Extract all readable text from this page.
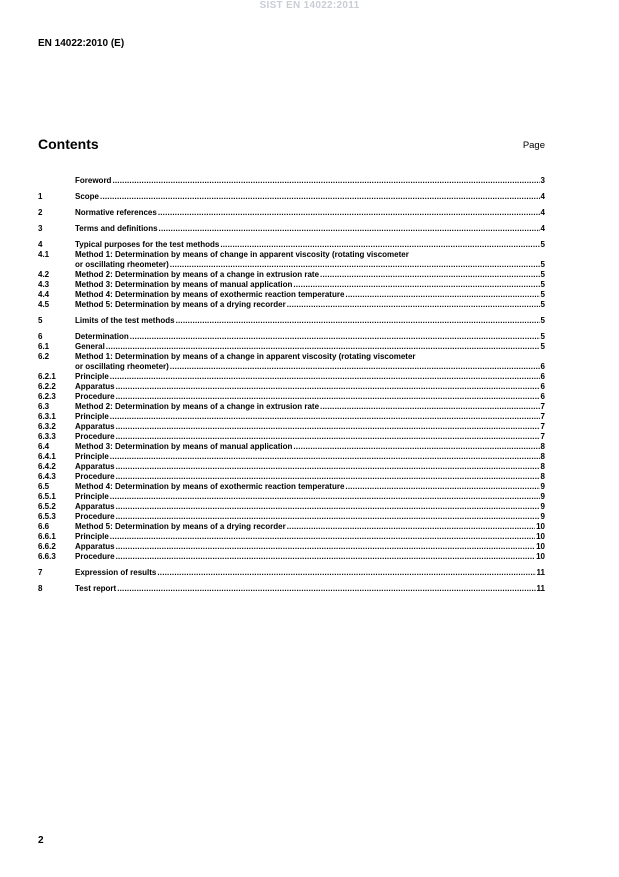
SIST EN 14022:2011
EN 14022:2010 (E)
Contents	Page
Foreword .....	3
1	Scope .....	4
2	Normative references .....	4
3	Terms and definitions .....	4
4	Typical purposes for the test methods .....	5
4.1	Method 1: Determination by means of change in apparent viscosity (rotating viscometer
or oscillating rheometer) .....	5
4.2	Method 2: Determination by means of a change in extrusion rate .....	5
4.3	Method 3: Determination by means of manual application .....	5
4.4	Method 4: Determination by means of exothermic reaction temperature .....	5
4.5	Method 5: Determination by means of a drying recorder .....	5
5	Limits of the test methods .....	5
6	Determination .....	5
6.1	General .....	5
6.2	Method 1: Determination by means of a change in apparent viscosity (rotating viscometer
or oscillating rheometer) .....	6
6.2.1	Principle .....	6
6.2.2	Apparatus .....	6
6.2.3	Procedure .....	6
6.3	Method 2: Determination by means of a change in extrusion rate .....	7
6.3.1	Principle .....	7
6.3.2	Apparatus .....	7
6.3.3	Procedure .....	7
6.4	Method 3: Determination by means of manual application .....	8
6.4.1	Principle .....	8
6.4.2	Apparatus .....	8
6.4.3	Procedure .....	8
6.5	Method 4: Determination by means of exothermic reaction temperature .....	9
6.5.1	Principle .....	9
6.5.2	Apparatus .....	9
6.5.3	Procedure .....	9
6.6	Method 5: Determination by means of a drying recorder .....	10
6.6.1	Principle .....	10
6.6.2	Apparatus .....	10
6.6.3	Procedure .....	10
7	Expression of results .....	11
8	Test report .....	11
2
